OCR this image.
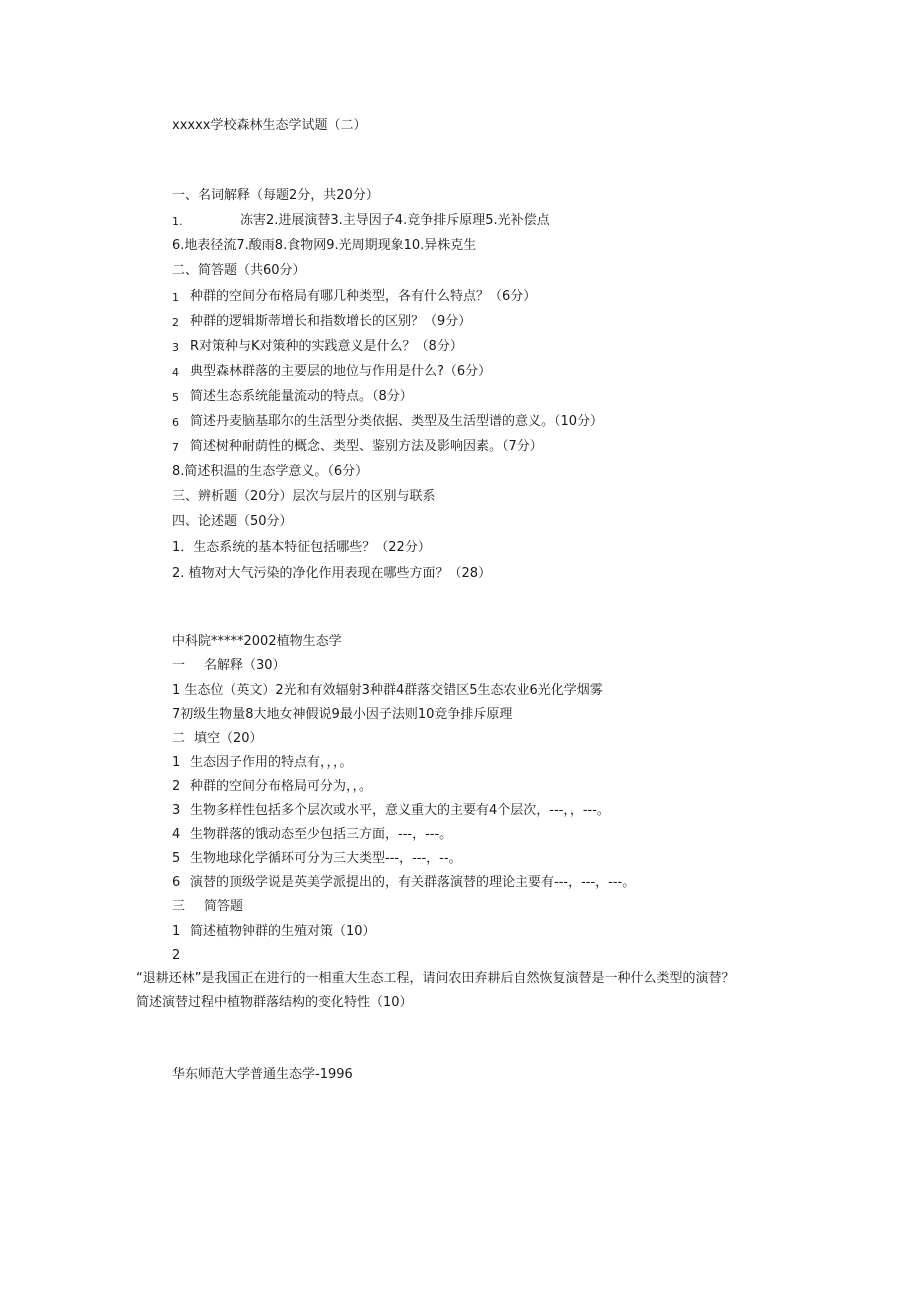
xxxxx学校森林生态学试题（二）
一、名词解释（每题2分，共20分）
1.	冻害2.进展演替3.主导因子4.竞争排斥原理5.光补偿点
6.地表径流7.酸雨8.食物网9.光周期现象10.异株克生
二、简答题（共60分）
1 种群的空间分布格局有哪几种类型，各有什么特点？（6分）
2 种群的逻辑斯蒂增长和指数增长的区别？（9分）
3 R对策种与K对策种的实践意义是什么？（8分）
4 典型森林群落的主要层的地位与作用是什么?（6分）
5 简述生态系统能量流动的特点。（8分）
6 简述丹麦脑基耶尔的生活型分类依据、类型及生活型谱的意义。（10分）
7 简述树种耐荫性的概念、类型、鉴别方法及影响因素。（7分）
8.简述积温的生态学意义。（6分）
三、辨析题（20分）层次与层片的区别与联系
四、论述题（50分）
1．生态系统的基本特征包括哪些？（22分）
2. 植物对大气污染的净化作用表现在哪些方面？（28）
中科院*****2002植物生态学
一 名解释（30）
1 生态位（英文）2光和有效辐射3种群4群落交错区5生态农业6光化学烟雾
7初级生物量8大地女神假说9最小因子法则10竞争排斥原理
二 填空（20）
1 生态因子作用的特点有，，，。
2 种群的空间分布格局可分为，，。
3 生物多样性包括多个层次或水平，意义重大的主要有4个层次，---，，---。
4 生物群落的饿动态至少包括三方面，---，---。
5 生物地球化学循环可分为三大类型---，---，--。
6 演替的顶级学说是英美学派提出的，有关群落演替的理论主要有---，---，---。
三 简答题
1 简述植物钟群的生殖对策（10）
2
“退耕还林”是我国正在进行的一相重大生态工程，请问农田弃耕后自然恢复演替是一种什么类型的演替？
简述演替过程中植物群落结构的变化特性（10）
华东师范大学普通生态学-1996
